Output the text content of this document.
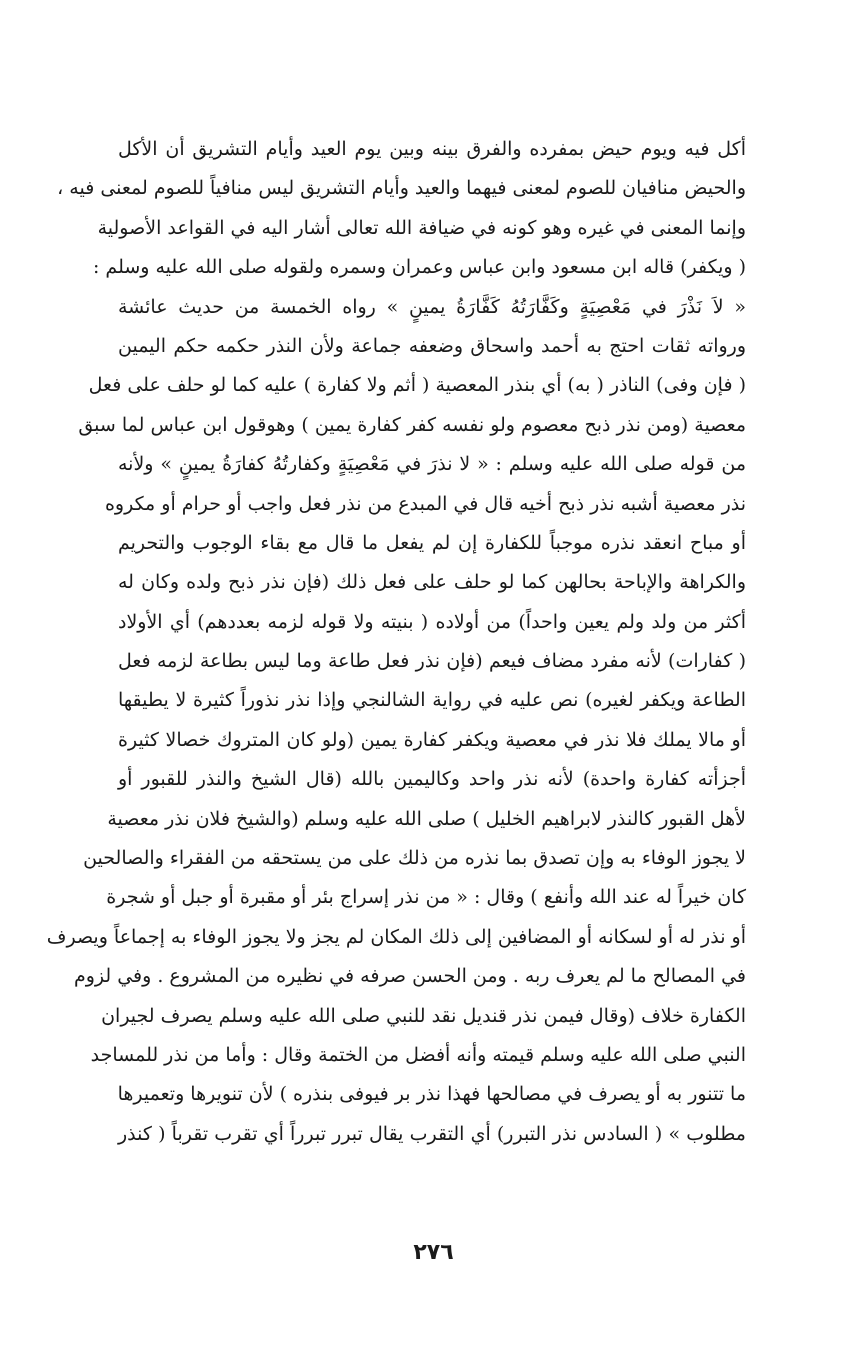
أكل فيه ويوم حيض بمفرده والفرق بينه وبين يوم العيد وأيام التشريق أن الأكل
والحيض منافيان للصوم لمعنى فيهما والعيد وأيام التشريق ليس منافياً للصوم لمعنى فيه ،
وإنما المعنى في غيره وهو كونه في ضيافة الله تعالى أشار اليه في القواعد الأصولية
( ويكفر) قاله ابن مسعود وابن عباس وعمران وسمره ولقوله صلى الله عليه وسلم :
« لاَ نَذْرَ في مَعْصِيَةٍ وكَفَّارَتُهُ كَفَّارَةُ يمينٍ » رواه الخمسة من حديث عائشة
ورواته ثقات احتج به أحمد واسحاق وضعفه جماعة ولأن النذر حكمه حكم اليمين
( فإن وفى) الناذر ( به) أي بنذر المعصية ( أثم ولا كفارة ) عليه كما لو حلف على فعل
معصية (ومن نذر ذبح معصوم ولو نفسه كفر كفارة يمين ) وهوقول ابن عباس لما سبق
من قوله صلى الله عليه وسلم : « لا نذرَ في مَعْصِيَةٍ وكفارتُهُ كفارَةُ يمينٍ » ولأنه
نذر معصية أشبه نذر ذبح أخيه قال في المبدع من نذر فعل واجب أو حرام أو مكروه
أو مباح انعقد نذره موجباً للكفارة إن لم يفعل ما قال مع بقاء الوجوب والتحريم
والكراهة والإباحة بحالهن كما لو حلف على فعل ذلك (فإن نذر ذبح ولده وكان له
أكثر من ولد ولم يعين واحداً) من أولاده ( بنيته ولا قوله لزمه بعددهم) أي الأولاد
( كفارات) لأنه مفرد مضاف فيعم (فإن نذر فعل طاعة وما ليس بطاعة لزمه فعل
الطاعة ويكفر لغيره) نص عليه في رواية الشالنجي وإذا نذر نذوراً كثيرة لا يطيقها
أو مالا يملك فلا نذر في معصية ويكفر كفارة يمين (ولو كان المتروك خصالا كثيرة
أجزأته كفارة واحدة) لأنه نذر واحد وكاليمين بالله (قال الشيخ والنذر للقبور أو
لأهل القبور كالنذر لابراهيم الخليل ) صلى الله عليه وسلم (والشيخ فلان نذر معصية
لا يجوز الوفاء به وإن تصدق بما نذره من ذلك على من يستحقه من الفقراء والصالحين
كان خيراً له عند الله وأنفع ) وقال : « من نذر إسراج بئر أو مقبرة أو جبل أو شجرة
أو نذر له أو لسكانه أو المضافين إلى ذلك المكان لم يجز ولا يجوز الوفاء به إجماعاً ويصرف
في المصالح ما لم يعرف ربه . ومن الحسن صرفه في نظيره من المشروع . وفي لزوم
الكفارة خلاف (وقال فيمن نذر قنديل نقد للنبي صلى الله عليه وسلم يصرف لجيران
النبي صلى الله عليه وسلم قيمته وأنه أفضل من الختمة وقال : وأما من نذر للمساجد
ما تتنور به أو يصرف في مصالحها فهذا نذر بر فيوفى بنذره ) لأن تنويرها وتعميرها
مطلوب » ( السادس نذر التبرر) أي التقرب يقال تبرر تبرراً أي تقرب تقرباً ( كنذر
٢٧٦
